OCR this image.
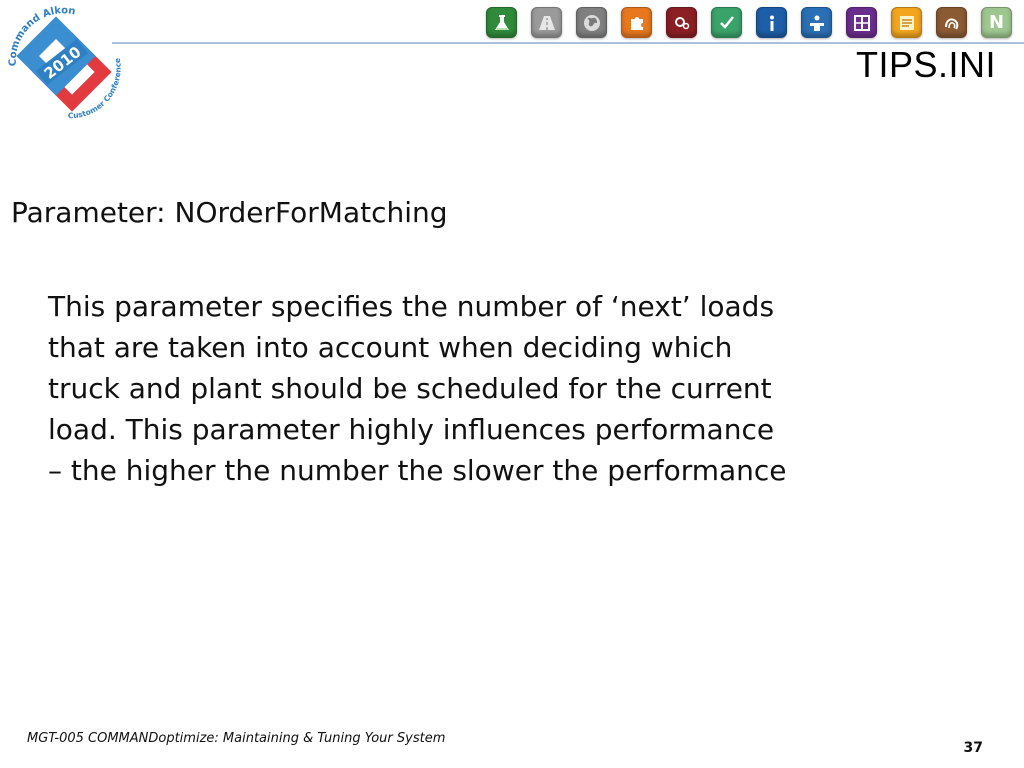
2010
Command Alkon
Customer Conference
N
TIPS.INI
Parameter: NOrderForMatching
This parameter specifies the number of ‘next’ loads
that are taken into account when deciding which
truck and plant should be scheduled for the current
load. This parameter highly influences performance
– the higher the number the slower the performance
MGT-005 COMMANDoptimize: Maintaining & Tuning Your System
37
